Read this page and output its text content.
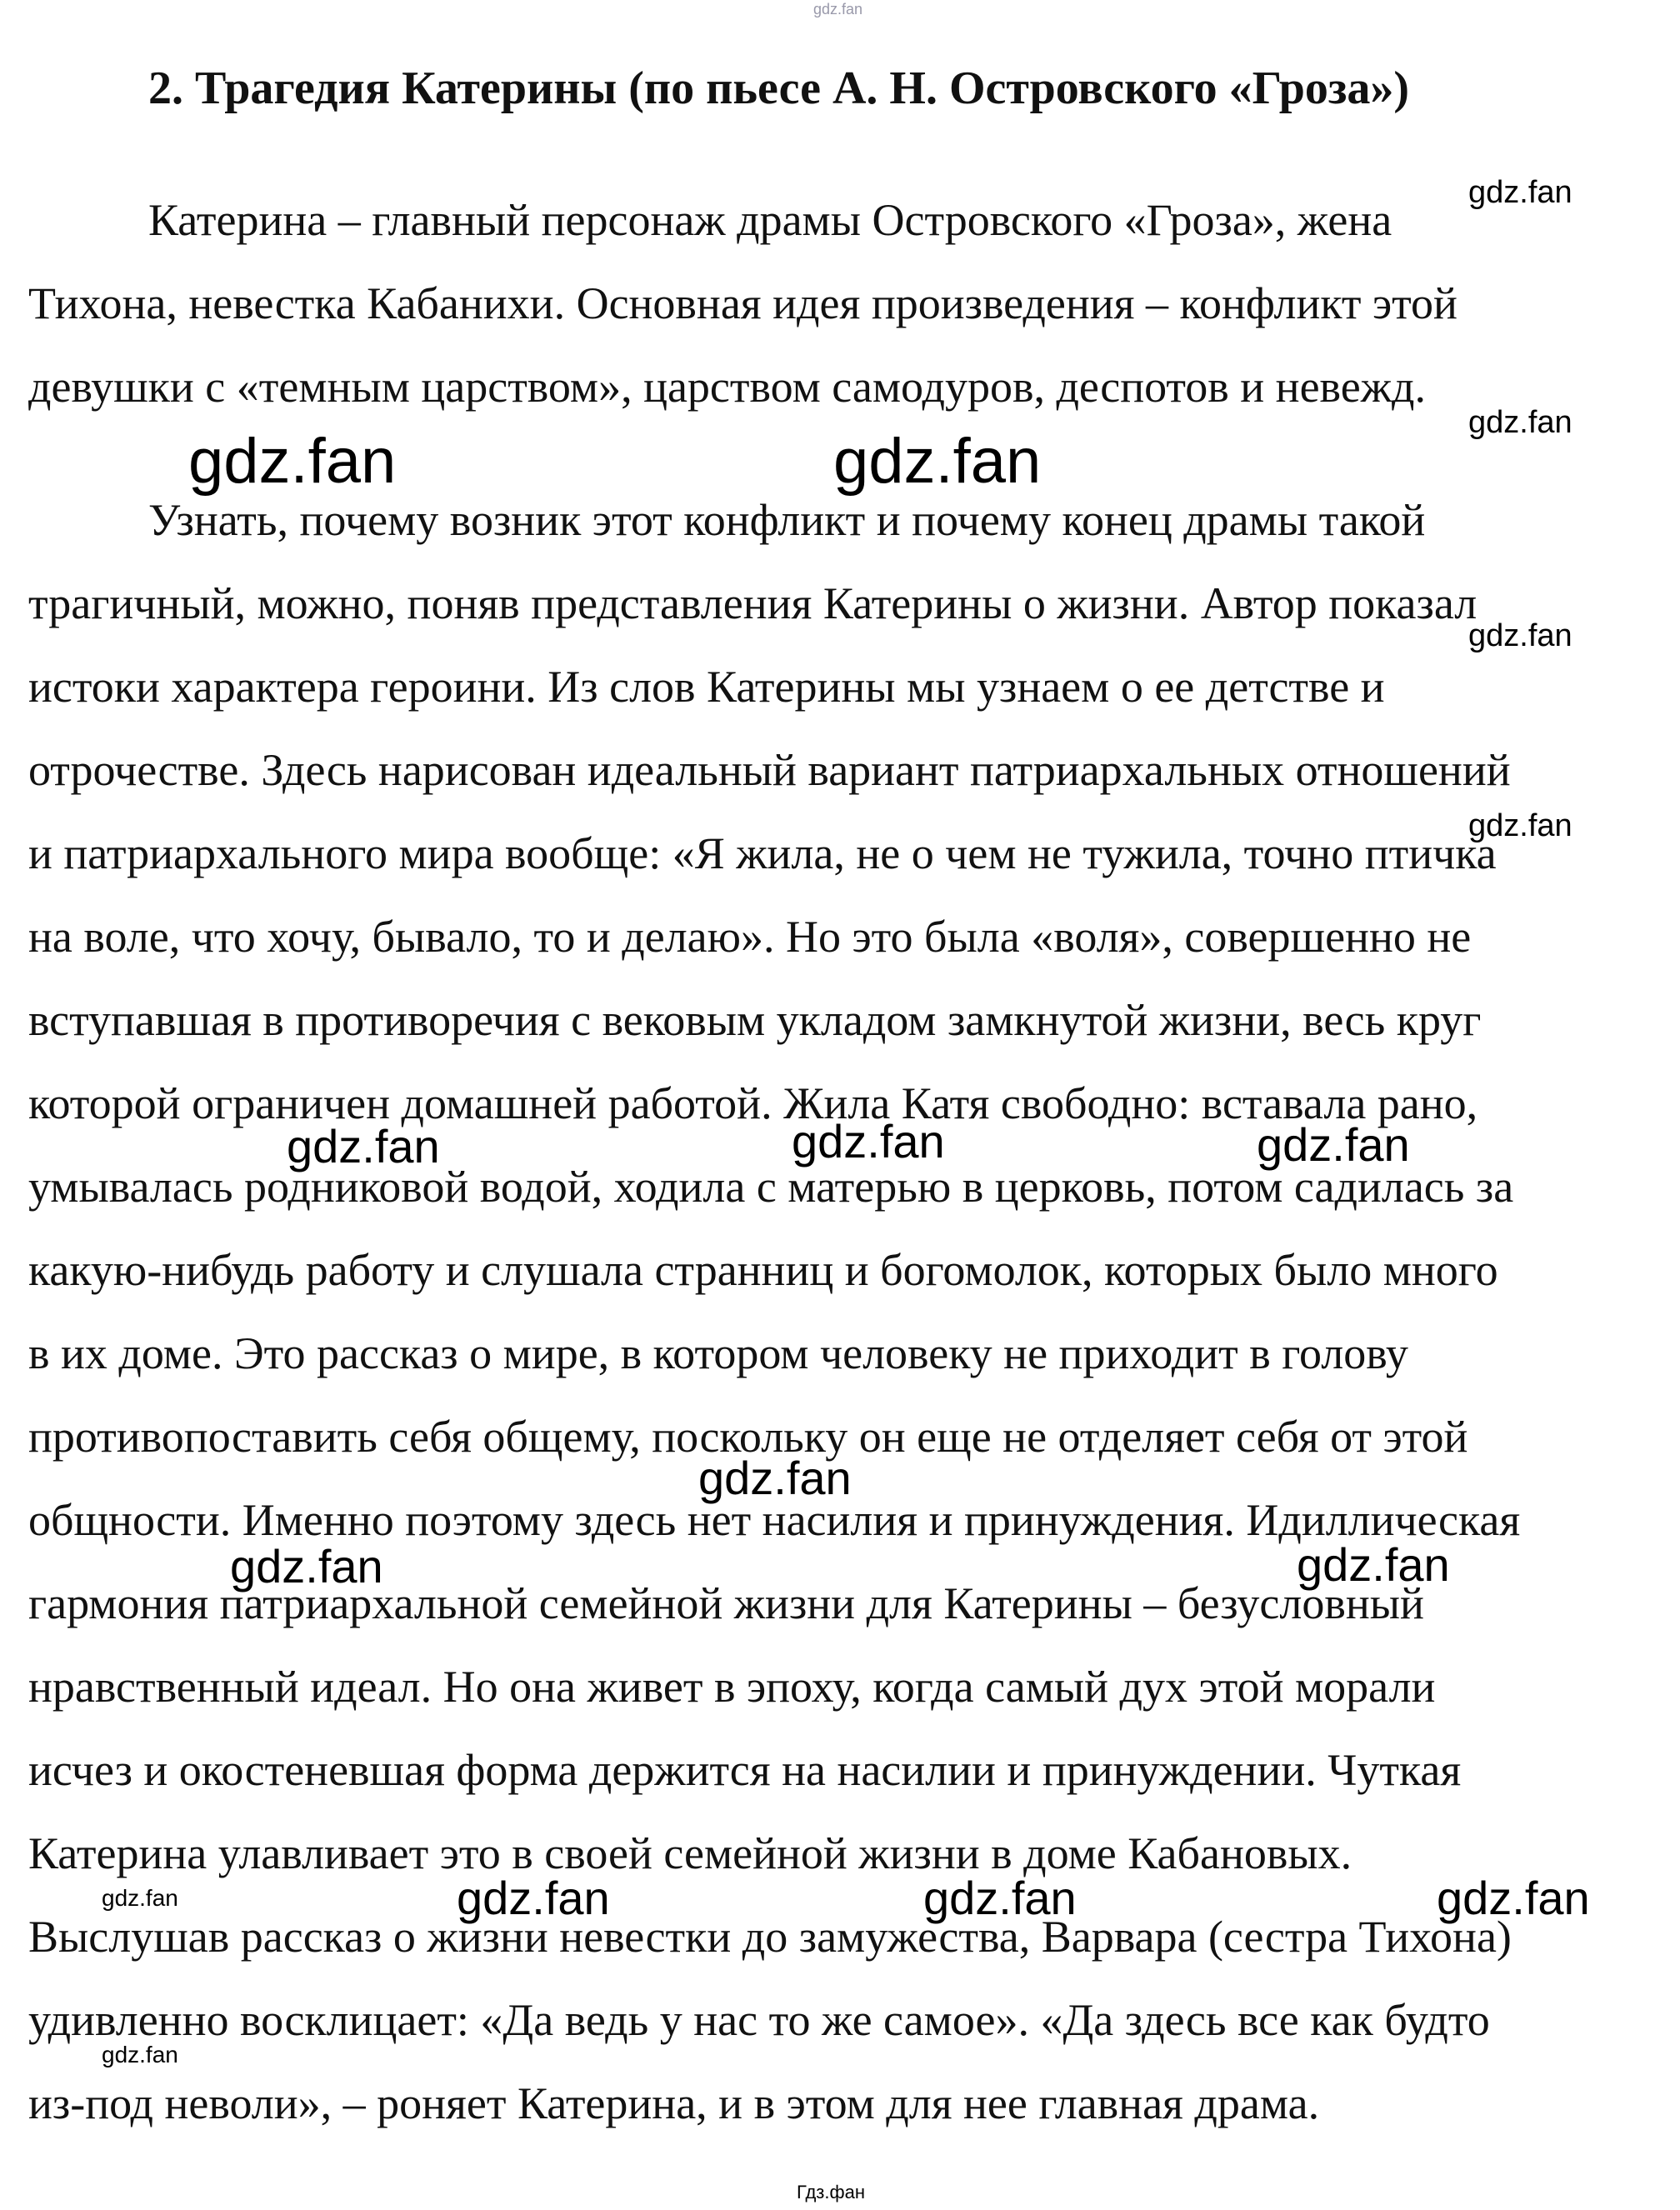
gdz.fan
2. Трагедия Катерины (по пьесе А. Н. Островского «Гроза»)

Катерина – главный персонаж драмы Островского «Гроза», жена

Тихона, невестка Кабанихи. Основная идея произведения – конфликт этой

девушки с «темным царством», царством самодуров, деспотов и невежд.

Узнать, почему возник этот конфликт и почему конец драмы такой

трагичный, можно, поняв представления Катерины о жизни. Автор показал

истоки характера героини. Из слов Катерины мы узнаем о ее детстве и

отрочестве. Здесь нарисован идеальный вариант патриархальных отношений

и патриархального мира вообще: «Я жила, не о чем не тужила, точно птичка

на воле, что хочу, бывало, то и делаю». Но это была «воля», совершенно не

вступавшая в противоречия с вековым укладом замкнутой жизни, весь круг

которой ограничен домашней работой. Жила Катя свободно: вставала рано,

умывалась родниковой водой, ходила с матерью в церковь, потом садилась за

какую-нибудь работу и слушала странниц и богомолок, которых было много

в их доме. Это рассказ о мире, в котором человеку не приходит в голову

противопоставить себя общему, поскольку он еще не отделяет себя от этой

общности. Именно поэтому здесь нет насилия и принуждения. Идиллическая

гармония патриархальной семейной жизни для Катерины – безусловный

нравственный идеал. Но она живет в эпоху, когда самый дух этой морали

исчез и окостеневшая форма держится на насилии и принуждении. Чуткая

Катерина улавливает это в своей семейной жизни в доме Кабановых.

Выслушав рассказ о жизни невестки до замужества, Варвара (сестра Тихона)

удивленно восклицает: «Да ведь у нас то же самое». «Да здесь все как будто

из-под неволи», – роняет Катерина, и в этом для нее главная драма.

gdz.fan
gdz.fan
gdz.fan	gdz.fan
gdz.fan
gdz.fan
gdz.fan	gdz.fan	gdz.fan
gdz.fan
gdz.fan	gdz.fan
gdz.fan	gdz.fan	gdz.fan	gdz.fan
gdz.fan
Гдз.фан
